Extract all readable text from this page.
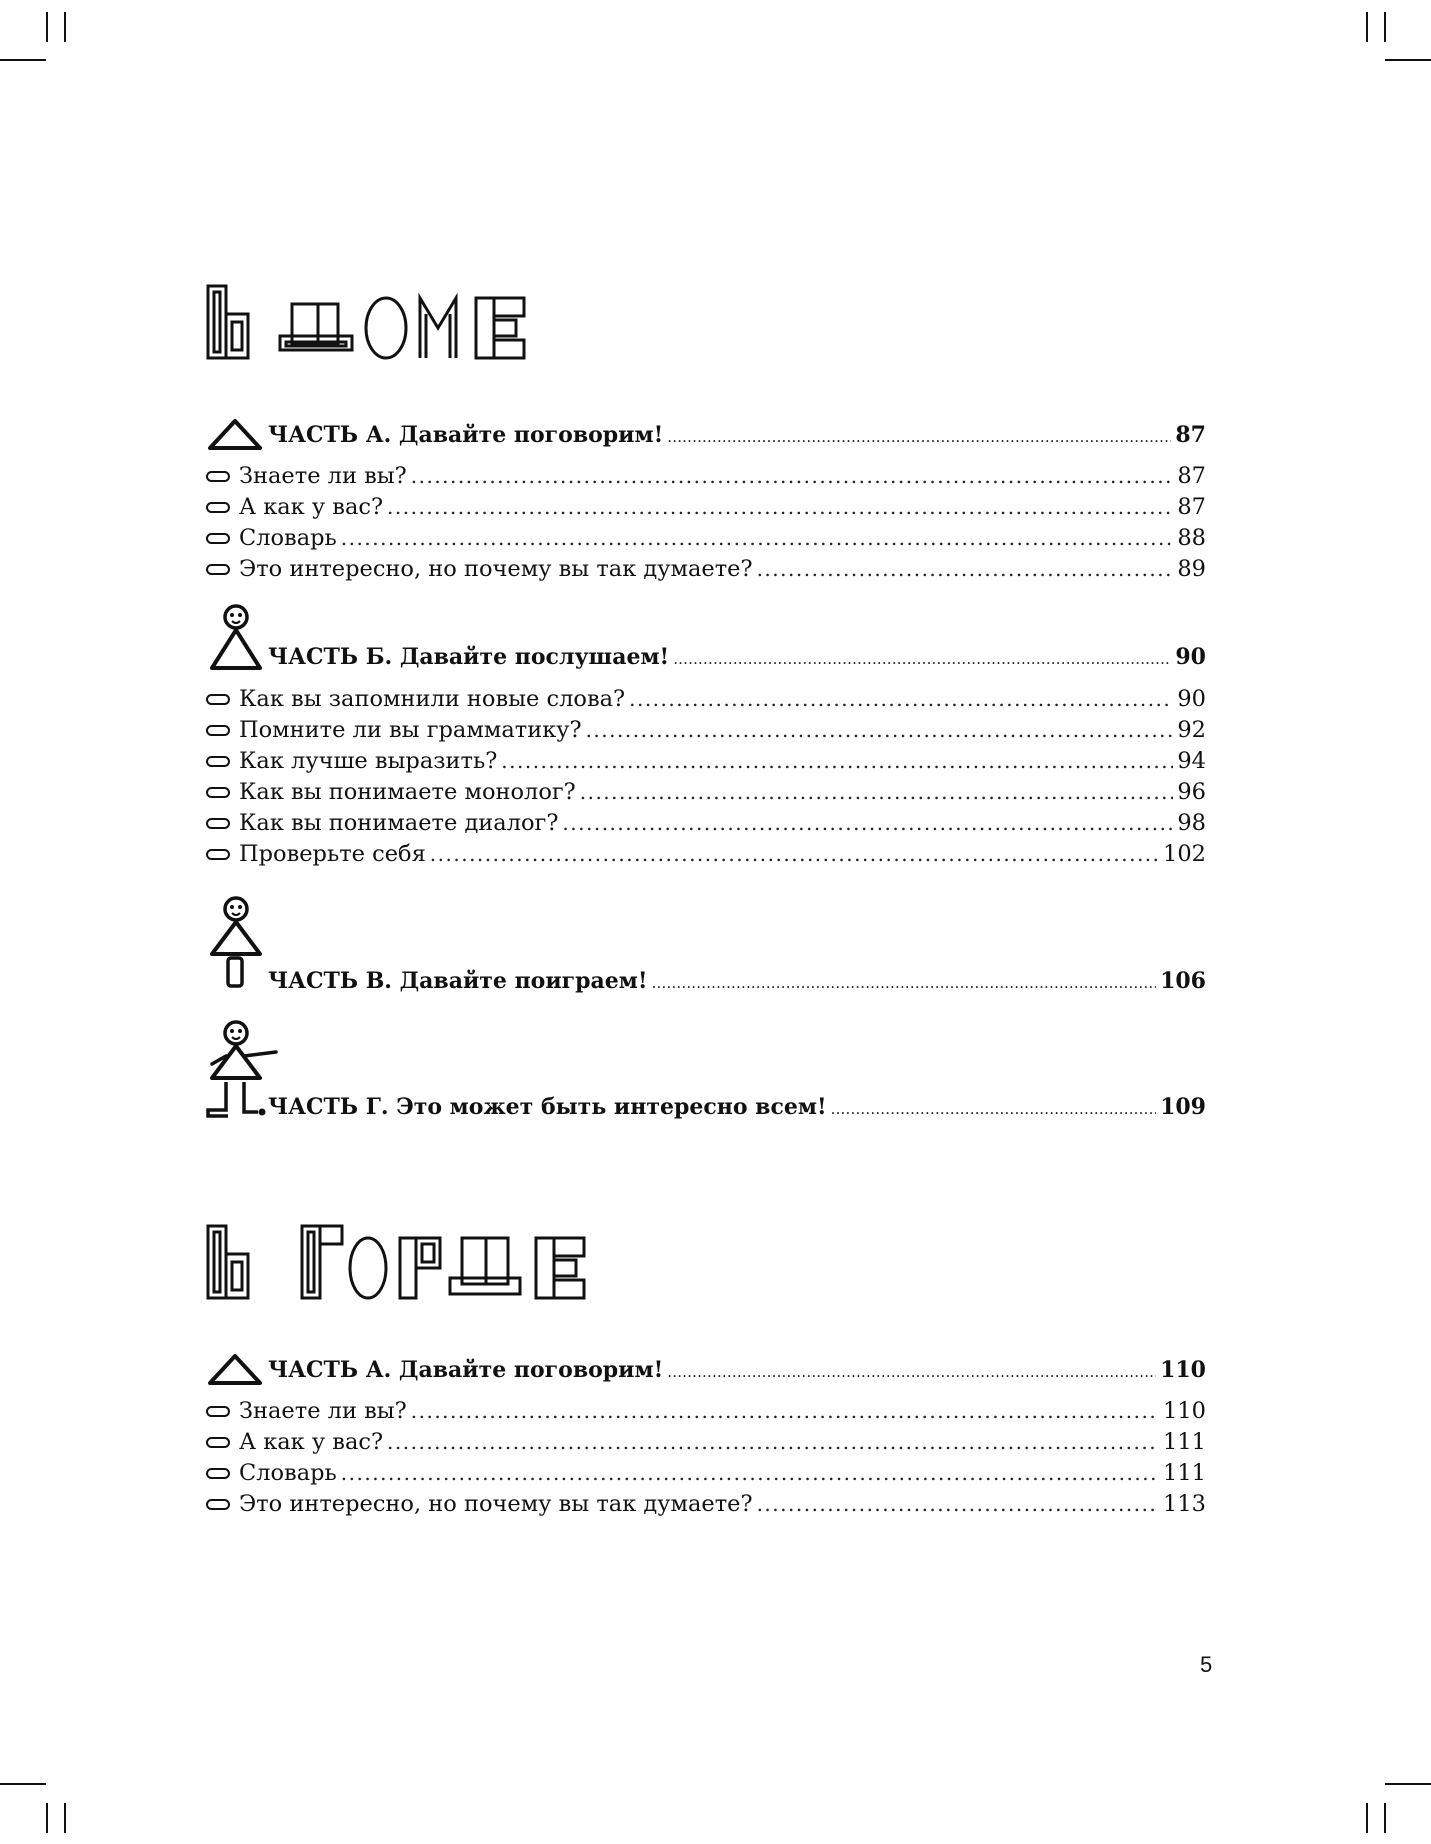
ЧАСТЬ А. Давайте поговорим! .....	87
Знаете ли вы? .....	87
А как у вас? .....	87
Словарь .....	88
Это интересно, но почему вы так думаете? .....	89
ЧАСТЬ Б. Давайте послушаем! .....	90
Как вы запомнили новые слова? .....	90
Помните ли вы грамматику? .....	92
Как лучше выразить? .....	94
Как вы понимаете монолог? .....	96
Как вы понимаете диалог? .....	98
Проверьте себя .....	102
ЧАСТЬ В. Давайте поиграем! .....	106
ЧАСТЬ Г. Это может быть интересно всем! .....	109
ЧАСТЬ А. Давайте поговорим! .....	110
Знаете ли вы? .....	110
А как у вас? .....	111
Словарь .....	111
Это интересно, но почему вы так думаете? .....	113
5
